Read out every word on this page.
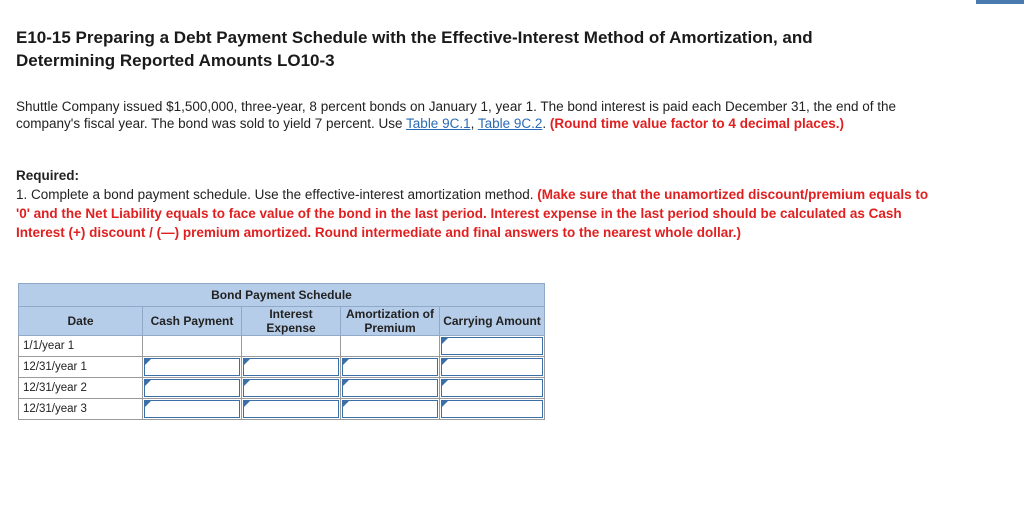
E10-15 Preparing a Debt Payment Schedule with the Effective-Interest Method of Amortization, and Determining Reported Amounts LO10-3
Shuttle Company issued $1,500,000, three-year, 8 percent bonds on January 1, year 1. The bond interest is paid each December 31, the end of the company's fiscal year. The bond was sold to yield 7 percent. Use Table 9C.1, Table 9C.2. (Round time value factor to 4 decimal places.)
Required:
1. Complete a bond payment schedule. Use the effective-interest amortization method. (Make sure that the unamortized discount/premium equals to '0' and the Net Liability equals to face value of the bond in the last period. Interest expense in the last period should be calculated as Cash Interest (+) discount / (—) premium amortized. Round intermediate and final answers to the nearest whole dollar.)
Bond Payment Schedule				
Date	Cash Payment	Interest Expense	Amortization of Premium	Carrying Amount
1/1/year 1				

12/31/year 1	

12/31/year 2	

12/31/year 3	
